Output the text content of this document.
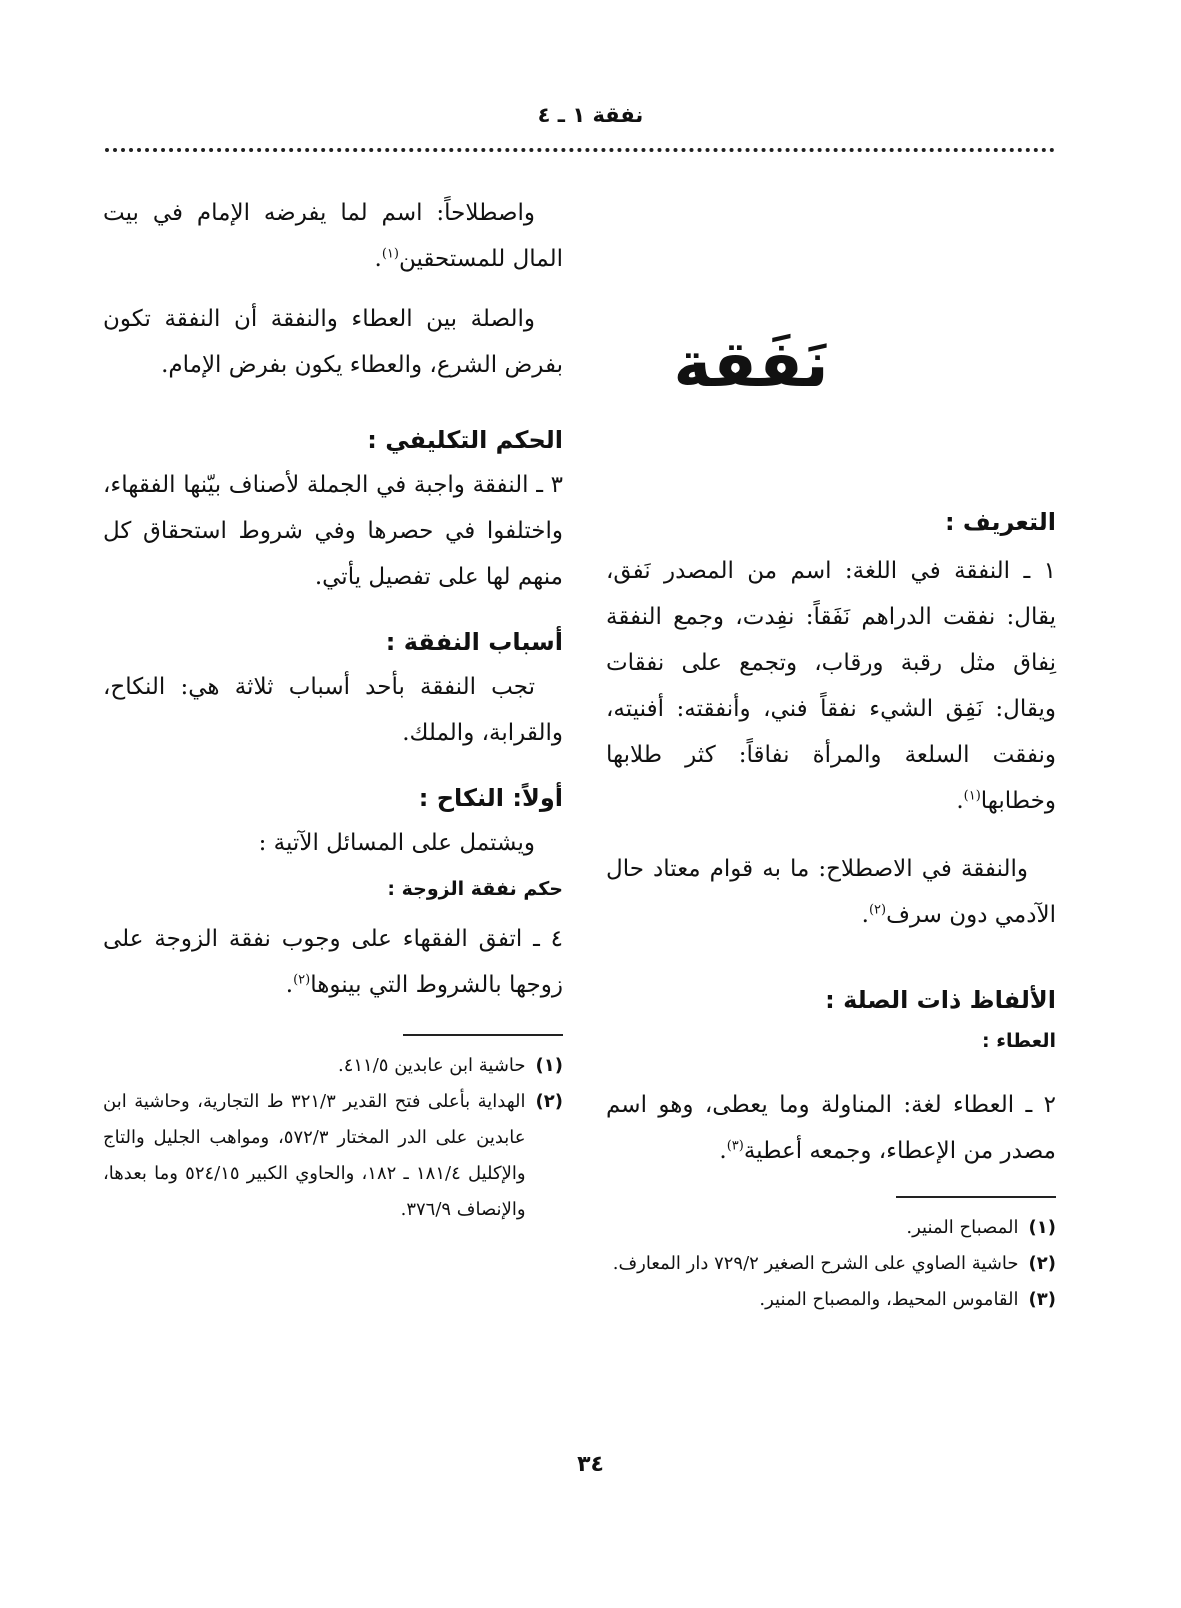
نفقة ١ ـ ٤
نَفَقة
التعريف :

١ ـ النفقة في اللغة: اسم من المصدر نَفق، يقال: نفقت الدراهم نَفَقاً: نفِدت، وجمع النفقة نِفاق مثل رقبة ورقاب، وتجمع على نفقات ويقال: نَفِق الشيء نفقاً فني، وأنفقته: أفنيته، ونفقت السلعة والمرأة نفاقاً: كثر طلابها وخطابها$^{(١)}$.

والنفقة في الاصطلاح: ما به قوام معتاد حال الآدمي دون سرف$^{(٢)}$.

الألفاظ ذات الصلة :
العطاء :

٢ ـ العطاء لغة: المناولة وما يعطى، وهو اسم مصدر من الإعطاء، وجمعه أعطية$^{(٣)}$.

(١)
المصباح المنير.
(٢)
حاشية الصاوي على الشرح الصغير ٧٢٩/٢ دار المعارف.
(٣)
القاموس المحيط، والمصباح المنير.

واصطلاحاً: اسم لما يفرضه الإمام في بيت المال للمستحقين$^{(١)}$.

والصلة بين العطاء والنفقة أن النفقة تكون بفرض الشرع، والعطاء يكون بفرض الإمام.

الحكم التكليفي :

٣ ـ النفقة واجبة في الجملة لأصناف بيّنها الفقهاء، واختلفوا في حصرها وفي شروط استحقاق كل منهم لها على تفصيل يأتي.

أسباب النفقة :

تجب النفقة بأحد أسباب ثلاثة هي: النكاح، والقرابة، والملك.

أولاً: النكاح :

ويشتمل على المسائل الآتية :

حكم نفقة الزوجة :

٤ ـ اتفق الفقهاء على وجوب نفقة الزوجة على زوجها بالشروط التي بينوها$^{(٢)}$.

(١)
حاشية ابن عابدين ٤١١/٥.
(٢)
الهداية بأعلى فتح القدير ٣٢١/٣ ط التجارية، وحاشية ابن عابدين على الدر المختار ٥٧٢/٣، ومواهب الجليل والتاج والإكليل ١٨١/٤ ـ ١٨٢، والحاوي الكبير ٥٢٤/١٥ وما بعدها، والإنصاف ٣٧٦/٩.
٣٤
